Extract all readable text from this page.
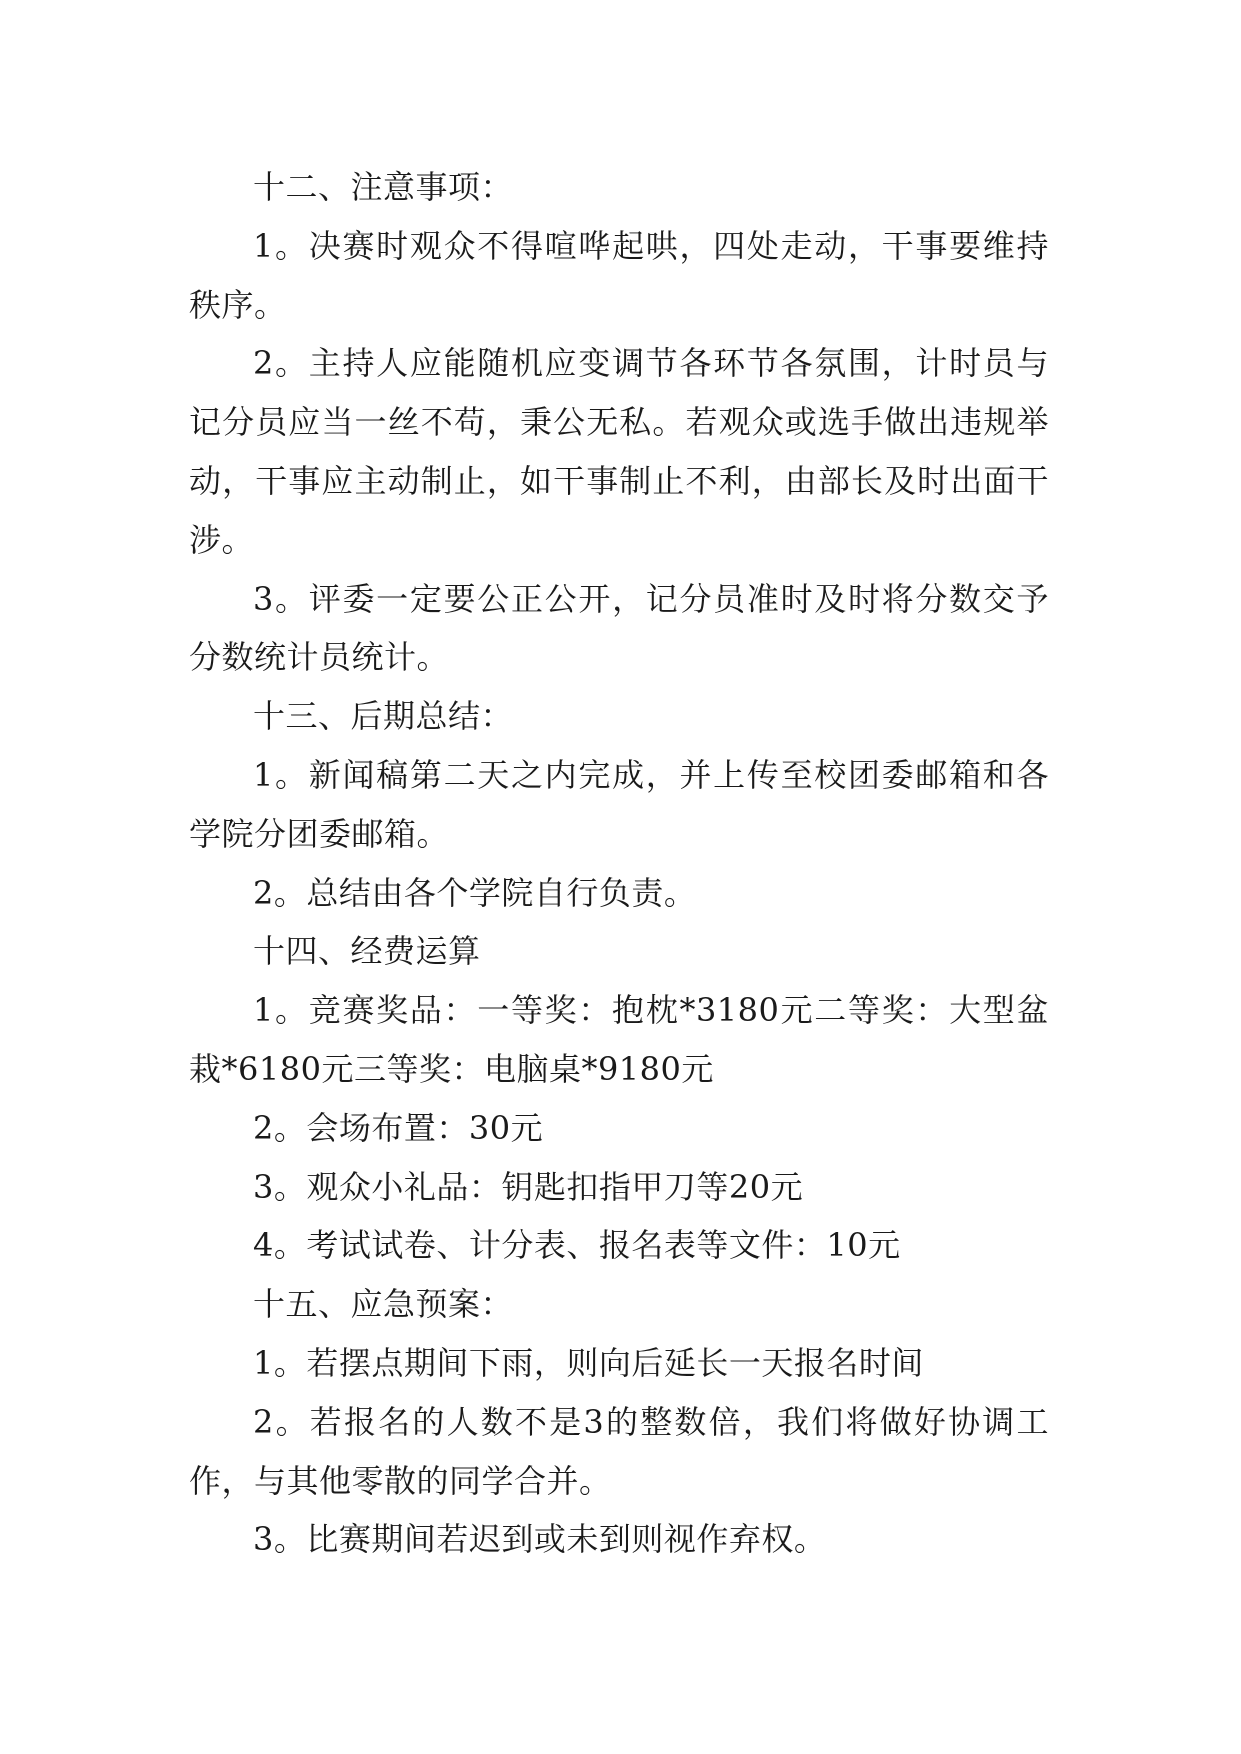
十二、注意事项：

1。决赛时观众不得喧哗起哄，四处走动，干事要维持秩序。

2。主持人应能随机应变调节各环节各氛围，计时员与记分员应当一丝不苟，秉公无私。若观众或选手做出违规举动，干事应主动制止，如干事制止不利，由部长及时出面干涉。

3。评委一定要公正公开，记分员准时及时将分数交予分数统计员统计。

十三、后期总结：

1。新闻稿第二天之内完成，并上传至校团委邮箱和各学院分团委邮箱。

2。总结由各个学院自行负责。

十四、经费运算

1。竞赛奖品：一等奖：抱枕*3180元二等奖：大型盆栽*6180元三等奖：电脑桌*9180元

2。会场布置：30元

3。观众小礼品：钥匙扣指甲刀等20元

4。考试试卷、计分表、报名表等文件：10元

十五、应急预案：

1。若摆点期间下雨，则向后延长一天报名时间

2。若报名的人数不是3的整数倍，我们将做好协调工作，与其他零散的同学合并。

3。比赛期间若迟到或未到则视作弃权。
